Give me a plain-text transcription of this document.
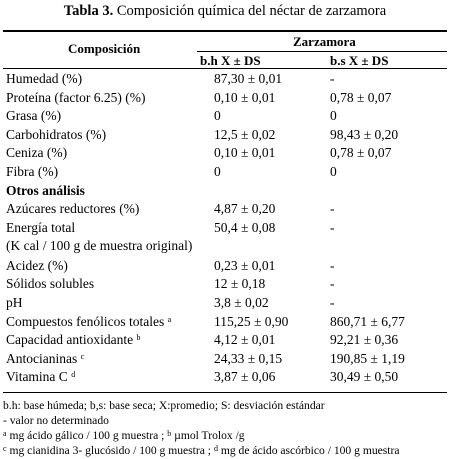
Tabla 3. Composición química del néctar de zarzamora
Composición	Zarzamora
b.h X ± DS	b.s X ± DS
Humedad (%)	87,30 ± 0,01	-
Proteína (factor 6.25) (%)	0,10 ± 0,01	0,78 ± 0,07
Grasa (%)	0	0
Carbohidratos (%)	12,5 ± 0,02	98,43 ± 0,20
Ceniza (%)	0,10 ± 0,01	0,78 ± 0,07
Fibra (%)	0	0
Otros análisis
Azúcares reductores (%)	4,87 ± 0,20	-
Energía total
(K cal / 100 g de muestra original)
50,4 ± 0,08	-
Acidez (%)	0,23 ± 0,01	-
Sólidos solubles	12 ± 0,18	-
pH	3,8 ± 0,02	-
Compuestos fenólicos totales $^a$	115,25 ± 0,90	860,71 ± 6,77
Capacidad antioxidante $^b$	4,12 ± 0,01	92,21 ± 0,36
Antocianinas $^c$	24,33 ± 0,15	190,85 ± 1,19
Vitamina C $^d$	3,87 ± 0,06	30,49 ± 0,50
b.h: base húmeda; b,s: base seca; X:promedio; S: desviación estándar
- valor no determinado
$^a$ mg ácido gálico / 100 g muestra ; $^b$ µmol Trolox /g
$^c$ mg cianidina 3- glucósido / 100 g muestra ; $^d$ mg de ácido ascórbico / 100 g muestra
